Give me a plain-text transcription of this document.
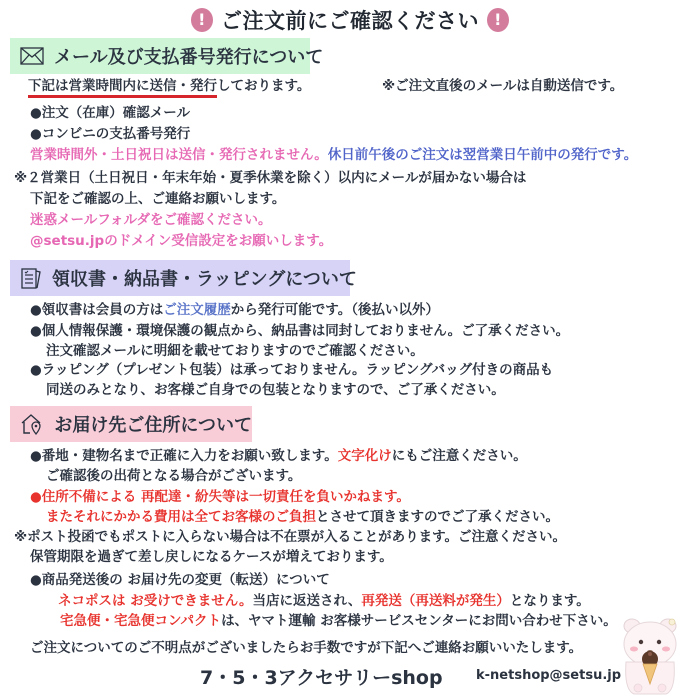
! ご注文前にご確認ください !
メール及び支払番号発行について
下記は営業時間内に送信・発行しております。	※ご注文直後のメールは自動送信です。
●注文（在庫）確認メール
●コンビニの支払番号発行
営業時間外・土日祝日は送信・発行されません。休日前午後のご注文は翌営業日午前中の発行です。
※２営業日（土日祝日・年末年始・夏季休業を除く）以内にメールが届かない場合は
下記をご確認の上、ご連絡お願いします。
迷惑メールフォルダをご確認ください。
@setsu.jpのドメイン受信設定をお願いします。
領収書・納品書・ラッピングについて
●領収書は会員の方はご注文履歴から発行可能です。（後払い以外）
●個人情報保護・環境保護の観点から、納品書は同封しておりません。ご了承ください。
注文確認メールに明細を載せておりますのでご確認ください。
●ラッピング（プレゼント包装）は承っておりません。ラッピングバッグ付きの商品も
同送のみとなり、お客様ご自身での包装となりますので、ご了承ください。
お届け先ご住所について
●番地・建物名まで正確に入力をお願い致します。文字化けにもご注意ください。
ご確認後の出荷となる場合がございます。
●住所不備による 再配達・紛失等は一切責任を負いかねます。
またそれにかかる費用は全てお客様のご負担とさせて頂きますのでご了承ください。
※ポスト投函でもポストに入らない場合は不在票が入ることがあります。ご注意ください。
保管期限を過ぎて差し戻しになるケースが増えております。
●商品発送後の お届け先の変更（転送）について
ネコポスは お受けできません。当店に返送され、再発送（再送料が発生）となります。
宅急便・宅急便コンパクトは、ヤマト運輸 お客様サービスセンターにお問い合わせ下さい。
ご注文についてのご不明点がございましたらお手数ですが下記へご連絡お願いいたします。
7・5・3アクセサリーshop	k-netshop@setsu.jp
